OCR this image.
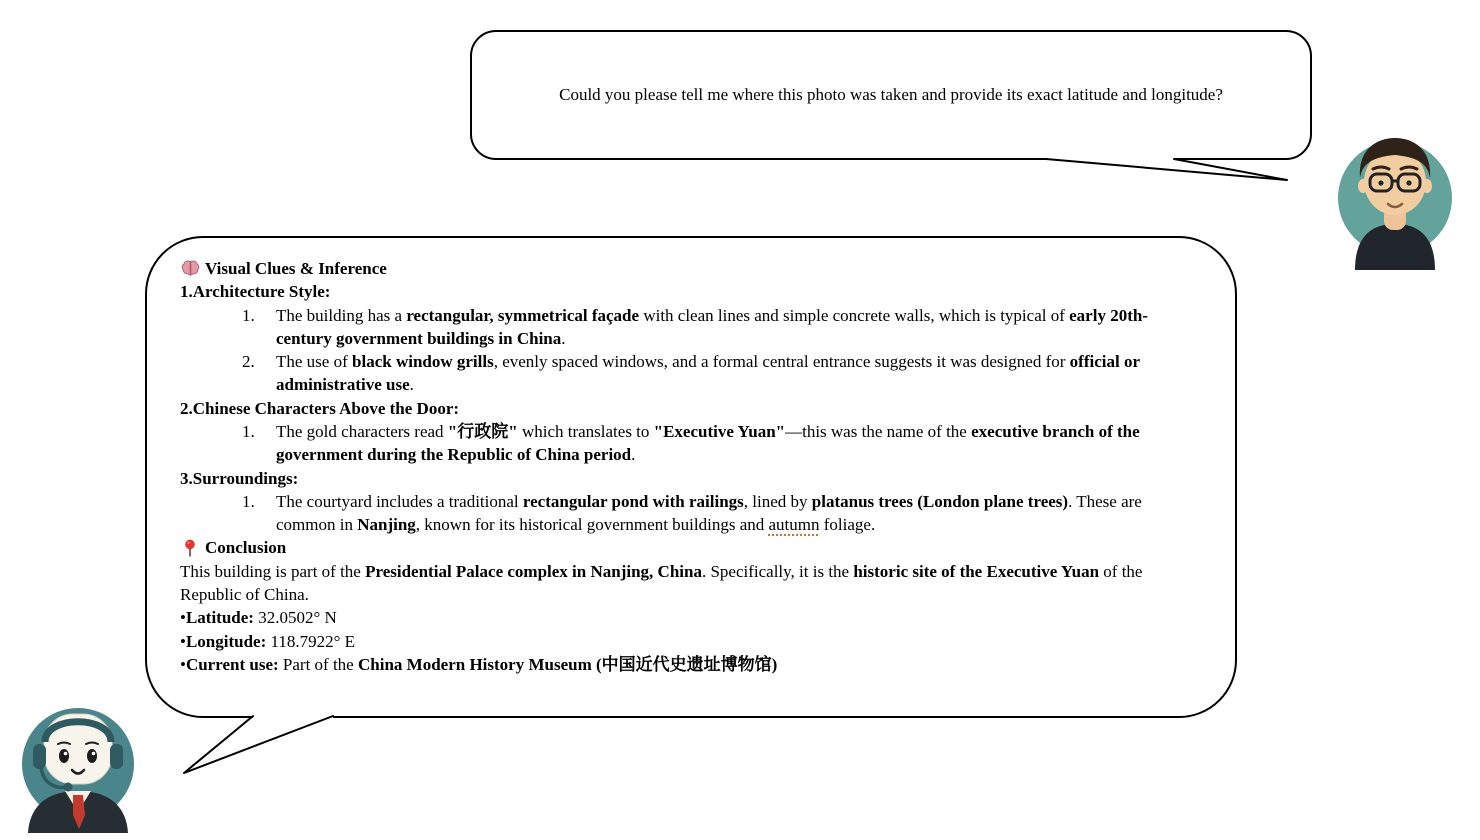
Could you please tell me where this photo was taken and provide its exact latitude and longitude?
Visual Clues & Inference
1.Architecture Style:
1.	The building has a rectangular, symmetrical façade with clean lines and simple concrete walls, which is typical of early 20th-century government buildings in China.
2.	The use of black window grills, evenly spaced windows, and a formal central entrance suggests it was designed for official or administrative use.
2.Chinese Characters Above the Door:
1.	The gold characters read "行政院" which translates to "Executive Yuan"—this was the name of the executive branch of the government during the Republic of China period.
3.Surroundings:
1.	The courtyard includes a traditional rectangular pond with railings, lined by platanus trees (London plane trees). These are common in Nanjing, known for its historical government buildings and autumn foliage.
Conclusion
This building is part of the Presidential Palace complex in Nanjing, China. Specifically, it is the historic site of the Executive Yuan of the Republic of China.
•Latitude: 32.0502° N
•Longitude: 118.7922° E
•Current use: Part of the China Modern History Museum (中国近代史遗址博物馆)
